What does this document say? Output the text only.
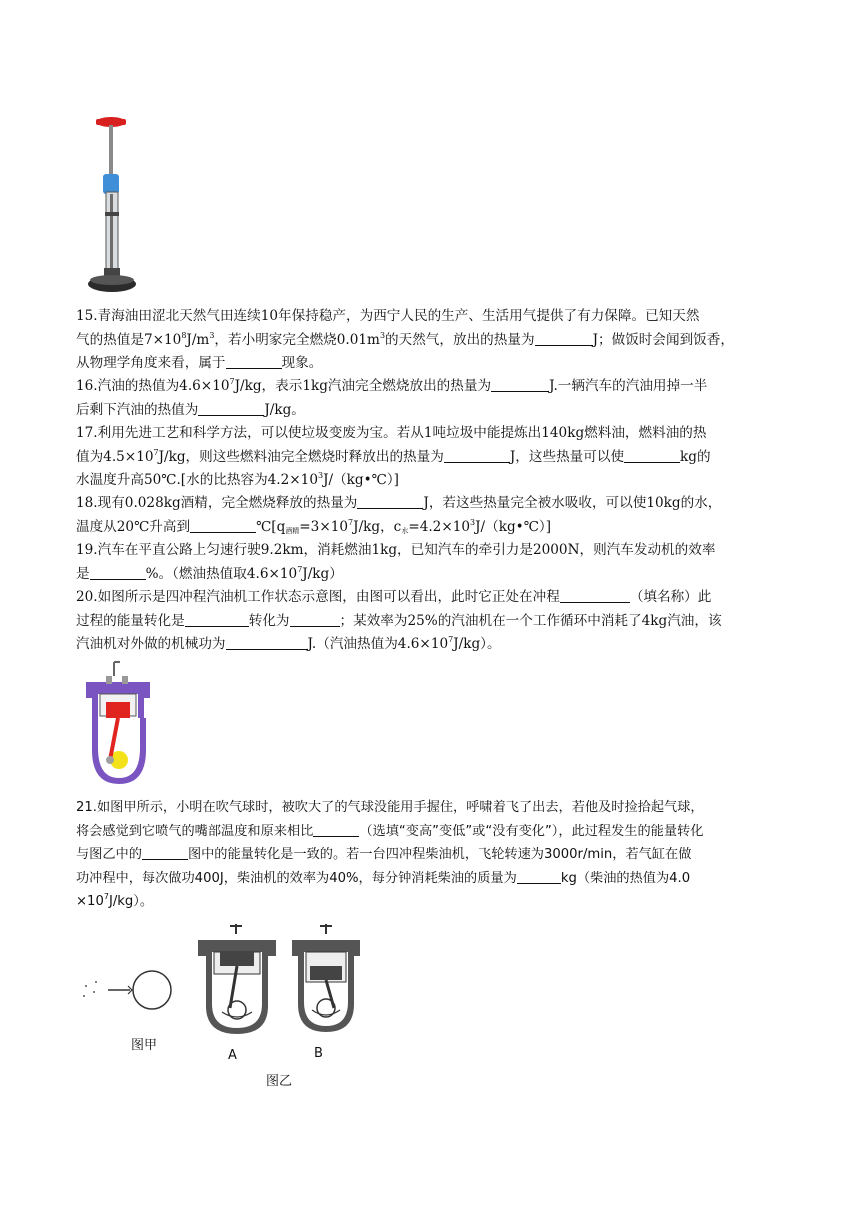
15.青海油田涩北天然气田连续10年保持稳产，为西宁人民的生产、生活用气提供了有力保障。已知天然

气的热值是$7\times 10^8J/m^3$，若小明家完全燃烧$0.01m^3$的天然气，放出的热量为	J；做饭时会闻到饭香，

从物理学角度来看，属于	现象。

16.汽油的热值为$4.6\times 10^7J/kg$，表示1kg汽油完全燃烧放出的热量为	J.一辆汽车的汽油用掉一半

后剩下汽油的热值为	J/kg。

17.利用先进工艺和科学方法，可以使垃圾变废为宝。若从1吨垃圾中能提炼出140kg燃料油，燃料油的热

值为$4.5\times 10^7J/kg$，则这些燃料油完全燃烧时释放出的热量为	J，这些热量可以使	kg的

水温度升高50℃.[水的比热容为$4.2\times 10^3J/(kg•℃)$]

18.现有0.028kg酒精，完全燃烧释放的热量为	J，若这些热量完全被水吸收，可以使10kg的水，

温度从20℃升高到	$℃[q_{酒精}=3\times 10^7J/kg$，$c_水=4.2\times 10^3J/(kg•℃)$]

19.汽车在平直公路上匀速行驶9.2km，消耗燃油1kg，已知汽车的牵引力是2000N，则汽车发动机的效率

是	%。（燃油热值取$4.6\times 10^7J/kg$）

20.如图所示是四冲程汽油机工作状态示意图，由图可以看出，此时它正处在冲程	（填名称）此

过程的能量转化是	转化为	；某效率为25%的汽油机在一个工作循环中消耗了4kg汽油，该

汽油机对外做的机械功为	J.（汽油热值为$4.6\times 10^7J/kg$）。

21.如图甲所示，小明在吹气球时，被吹大了的气球没能用手握住，呼啸着飞了出去，若他及时捡拾起气球，

将会感觉到它喷气的嘴部温度和原来相比	（选填“变高”变低”或“没有变化”），此过程发生的能量转化

与图乙中的	图中的能量转化是一致的。若一台四冲程柴油机，飞轮转速为3000r/min，若气缸在做

功冲程中，每次做功400J，柴油机的效率为40%，每分钟消耗柴油的质量为	kg（柴油的热值为4.0

$\times 10^7J/kg$）。

图甲
A	B
图乙
